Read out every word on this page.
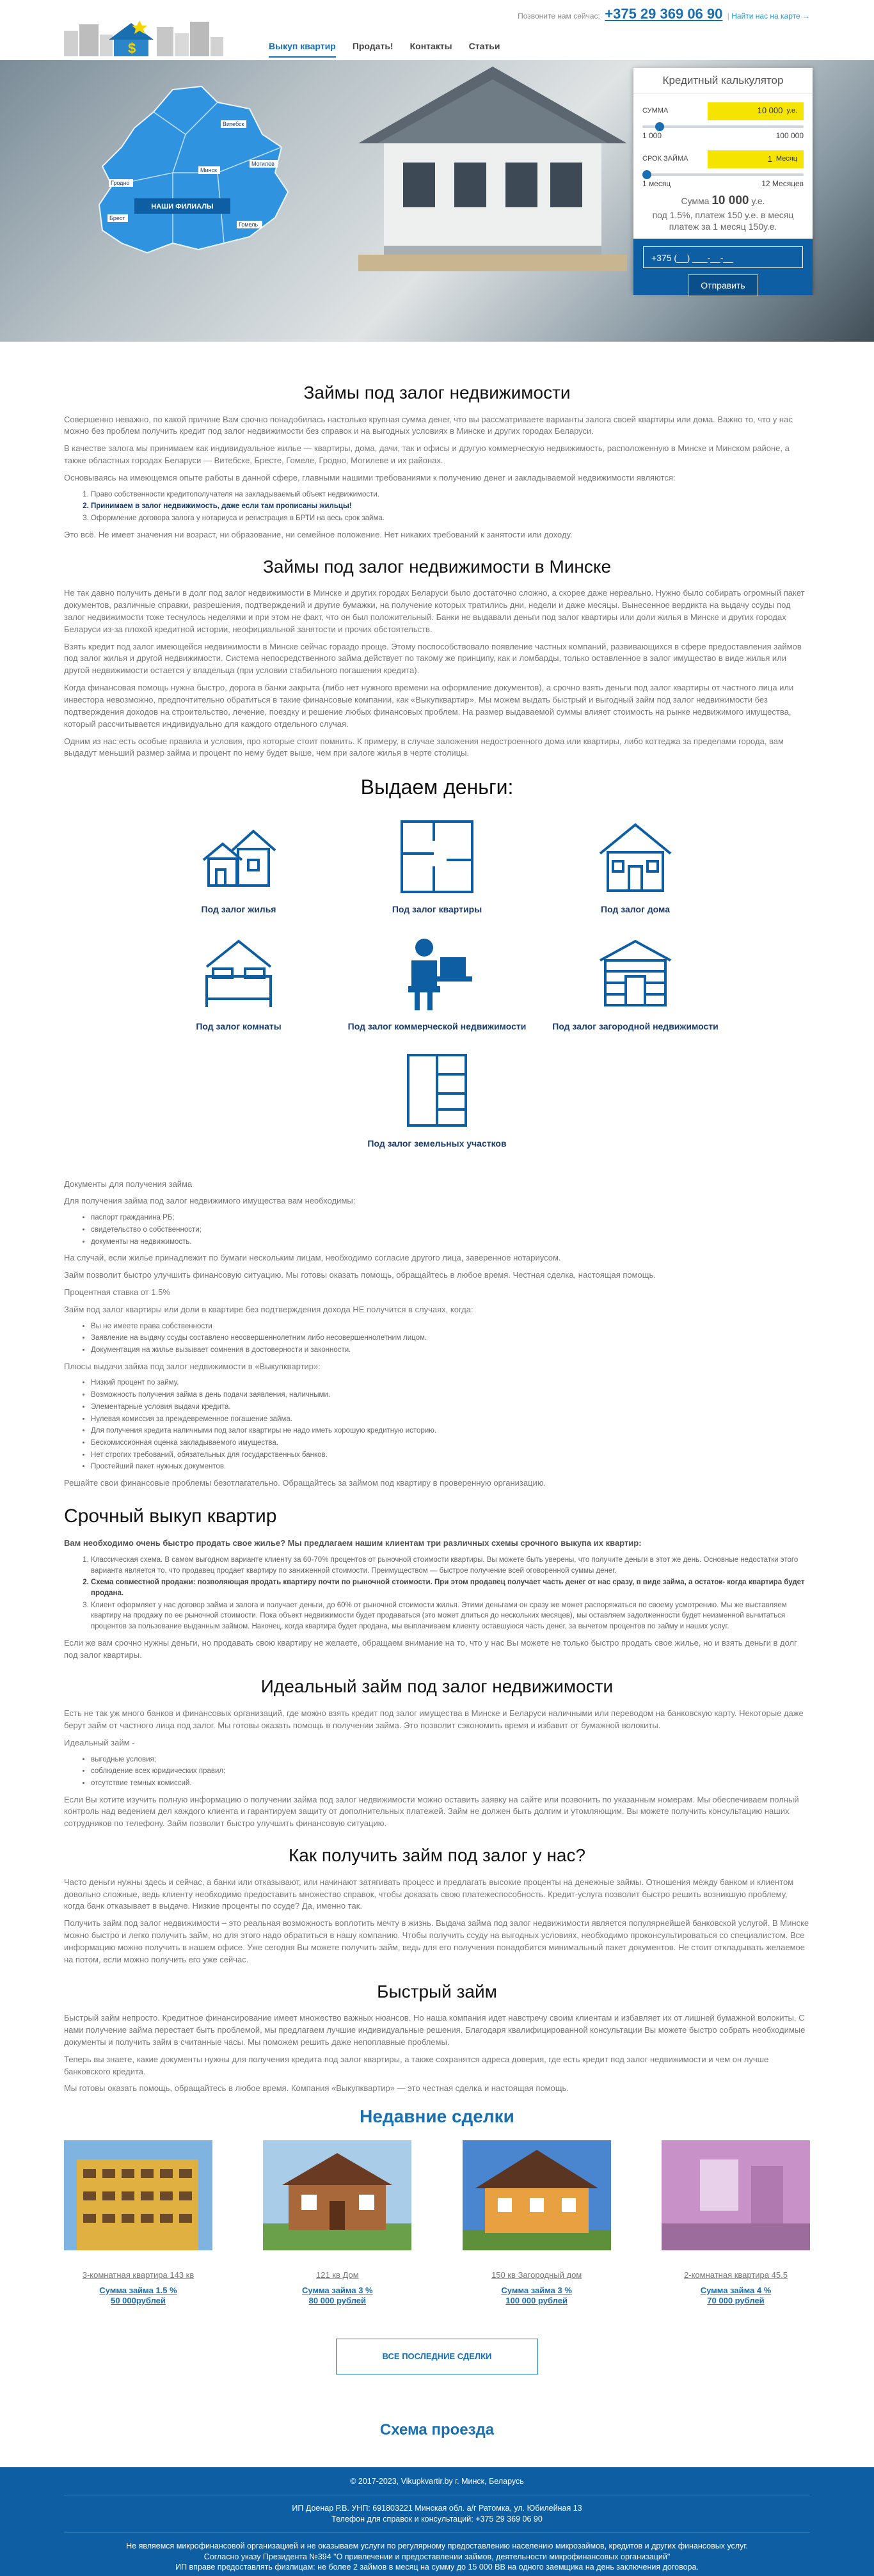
$
Позвоните нам сейчас: +375 29 369 06 90 | Найти нас на карте →
Выкуп квартир Продать! Контакты Статьи
Витебск
Минск
Брест
Гродно
Могилев
Гомель
НАШИ ФИЛИАЛЫ
Кредитный калькулятор
СУММА	10 000 у.е.
1 000	100 000
СРОК ЗАЙМА	1 Месяц
1 месяц	12 Месяцев
Сумма 10 000 у.е.
под 1.5%, платеж 150 у.е. в месяц
платеж за 1 месяц 150у.е.
+375 (__) ___-__-__
Отправить
Займы под залог недвижимости

Совершенно неважно, по какой причине Вам срочно понадобилась настолько крупная сумма денег, что вы рассматриваете варианты залога своей квартиры или дома. Важно то, что у нас можно без проблем получить кредит под залог недвижимости без справок и на выгодных условиях в Минске и других городах Беларуси.

В качестве залога мы принимаем как индивидуальное жилье — квартиры, дома, дачи, так и офисы и другую коммерческую недвижимость, расположенную в Минске и Минском районе, а также областных городах Беларуси — Витебске, Бресте, Гомеле, Гродно, Могилеве и их районах.

Основываясь на имеющемся опыте работы в данной сфере, главными нашими требованиями к получению денег и закладываемой недвижимости являются:

1. Право собственности кредитополучателя на закладываемый объект недвижимости.
2. Принимаем в залог недвижимость, даже если там прописаны жильцы!
3. Оформление договора залога у нотариуса и регистрация в БРТИ на весь срок займа.

Это всё. Не имеет значения ни возраст, ни образование, ни семейное положение. Нет никаких требований к занятости или доходу.

Займы под залог недвижимости в Минске

Не так давно получить деньги в долг под залог недвижимости в Минске и других городах Беларуси было достаточно сложно, а скорее даже нереально. Нужно было собирать огромный пакет документов, различные справки, разрешения, подтверждений и другие бумажки, на получение которых тратились дни, недели и даже месяцы. Вынесенное вердикта на выдачу ссуды под залог недвижимости тоже теснулось неделями и при этом не факт, что он был положительный. Банки не выдавали деньги под залог квартиры или доли жилья в Минске и других городах Беларуси из-за плохой кредитной истории, неофициальной занятости и прочих обстоятельств.

Взять кредит под залог имеющейся недвижимости в Минске сейчас гораздо проще. Этому поспособствовало появление частных компаний, развивающихся в сфере предоставления займов под залог жилья и другой недвижимости. Система непосредственного займа действует по такому же принципу, как и ломбарды, только оставленное в залог имущество в виде жилья или другой недвижимости остается у владельца (при условии стабильного погашения кредита).

Когда финансовая помощь нужна быстро, дорога в банки закрыта (либо нет нужного времени на оформление документов), а срочно взять деньги под залог квартиры от частного лица или инвестора невозможно, предпочтительно обратиться в такие финансовые компании, как «Выкупквартир». Мы можем выдать быстрый и выгодный займ под залог недвижимости без подтверждения доходов на строительство, лечение, поездку и решение любых финансовых проблем. На размер выдаваемой суммы влияет стоимость на рынке недвижимого имущества, который рассчитывается индивидуально для каждого отдельного случая.

Одним из нас есть особые правила и условия, про которые стоит помнить. К примеру, в случае заложения недостроенного дома или квартиры, либо коттеджа за пределами города, вам выдадут меньший размер займа и процент по нему будет выше, чем при залоге жилья в черте столицы.

Выдаем деньги:
Под залог жилья	Под залог квартиры	Под залог дома
Под залог комнаты	Под залог коммерческой недвижимости	Под залог загородной недвижимости
Под залог земельных участков

Документы для получения займа

Для получения займа под залог недвижимого имущества вам необходимы:

• паспорт гражданина РБ;
• свидетельство о собственности;
• документы на недвижимость.

На случай, если жилье принадлежит по бумаги нескольким лицам, необходимо согласие другого лица, заверенное нотариусом.

Займ позволит быстро улучшить финансовую ситуацию. Мы готовы оказать помощь, обращайтесь в любое время. Честная сделка, настоящая помощь.

Процентная ставка от 1.5%

Займ под залог квартиры или доли в квартире без подтверждения дохода НЕ получится в случаях, когда:

• Вы не имеете права собственности
• Заявление на выдачу ссуды составлено несовершеннолетним либо несовершеннолетним лицом.
• Документация на жилье вызывает сомнения в достоверности и законности.

Плюсы выдачи займа под залог недвижимости в «Выкупквартир»:

• Низкий процент по займу.
• Возможность получения займа в день подачи заявления, наличными.
• Элементарные условия выдачи кредита.
• Нулевая комиссия за преждевременное погашение займа.
• Для получения кредита наличными под залог квартиры не надо иметь хорошую кредитную историю.
• Бескомиссионная оценка закладываемого имущества.
• Нет строгих требований, обязательных для государственных банков.
• Простейший пакет нужных документов.

Решайте свои финансовые проблемы безотлагательно. Обращайтесь за займом под квартиру в проверенную организацию.

Срочный выкуп квартир

Вам необходимо очень быстро продать свое жилье? Мы предлагаем нашим клиентам три различных схемы срочного выкупа их квартир:

1. Классическая схема. В самом выгодном варианте клиенту за 60-70% процентов от рыночной стоимости квартиры. Вы можете быть уверены, что получите деньги в этот же день. Основные недостатки этого варианта является то, что продавец продает квартиру по заниженной стоимости. Преимуществом — быстрое получение всей оговоренной суммы денег.
2. Схема совместной продажи: позволяющая продать квартиру почти по рыночной стоимости. При этом продавец получает часть денег от нас сразу, в виде займа, а остаток- когда квартира будет продана.
3. Клиент оформляет у нас договор займа и залога и получает деньги, до 60% от рыночной стоимости жилья. Этими деньгами он сразу же может распоряжаться по своему усмотрению. Мы же выставляем квартиру на продажу по ее рыночной стоимости. Пока объект недвижимости будет продаваться (это может длиться до нескольких месяцев), мы оставляем задолженности будет неизменной вычитаться процентов за пользование выданным займом. Наконец, когда квартира будет продана, мы выплачиваем клиенту оставшуюся часть денег, за вычетом процентов по займу и наших услуг.

Если же вам срочно нужны деньги, но продавать свою квартиру не желаете, обращаем внимание на то, что у нас Вы можете не только быстро продать свое жилье, но и взять деньги в долг под залог квартиры.

Идеальный займ под залог недвижимости

Есть не так уж много банков и финансовых организаций, где можно взять кредит под залог имущества в Минске и Беларуси наличными или переводом на банковскую карту. Некоторые даже берут займ от частного лица под залог. Мы готовы оказать помощь в получении займа. Это позволит сэкономить время и избавит от бумажной волокиты.

Идеальный займ -

• выгодные условия;
• соблюдение всех юридических правил;
• отсутствие темных комиссий.

Если Вы хотите изучить полную информацию о получении займа под залог недвижимости можно оставить заявку на сайте или позвонить по указанным номерам. Мы обеспечиваем полный контроль над ведением дел каждого клиента и гарантируем защиту от дополнительных платежей. Займ не должен быть долгим и утомляющим. Вы можете получить консультацию наших сотрудников по телефону. Займ позволит быстро улучшить финансовую ситуацию.

Как получить займ под залог у нас?

Часто деньги нужны здесь и сейчас, а банки или отказывают, или начинают затягивать процесс и предлагать высокие проценты на денежные займы. Отношения между банком и клиентом довольно сложные, ведь клиенту необходимо предоставить множество справок, чтобы доказать свою платежеспособность. Кредит-услуга позволит быстро решить возникшую проблему, когда банк отказывает в выдаче. Низкие проценты по ссуде? Да, именно так.

Получить займ под залог недвижимости – это реальная возможность воплотить мечту в жизнь. Выдача займа под залог недвижимости является популярнейшей банковской услугой. В Минске можно быстро и легко получить займ, но для этого надо обратиться в нашу компанию. Чтобы получить ссуду на выгодных условиях, необходимо проконсультироваться со специалистом. Все информацию можно получить в нашем офисе. Уже сегодня Вы можете получить займ, ведь для его получения понадобится минимальный пакет документов. Не стоит откладывать желаемое на потом, если можно получить его уже сейчас.

Быстрый займ

Быстрый займ непросто. Кредитное финансирование имеет множество важных нюансов. Но наша компания идет навстречу своим клиентам и избавляет их от лишней бумажной волокиты. С нами получение займа перестает быть проблемой, мы предлагаем лучшие индивидуальные решения. Благодаря квалифицированной консультации Вы можете быстро собрать необходимые документы и получить займ в считанные часы. Мы поможем решить даже непоплавные проблемы.

Теперь вы знаете, какие документы нужны для получения кредита под залог квартиры, а также сохранятся адреса доверия, где есть кредит под залог недвижимости и чем он лучше банковского кредита.

Мы готовы оказать помощь, обращайтесь в любое время. Компания «Выкупквартир» — это честная сделка и настоящая помощь.

Недавние сделки
3-комнатная квартира 143 кв
Сумма займа 1.5 %
50 000рублей
121 кв Дом
Сумма займа 3 %
80 000 рублей
150 кв Загородный дом
Сумма займа 3 %
100 000 рублей
2-комнатная квартира 45.5
Сумма займа 4 %
70 000 рублей
ВСЕ ПОСЛЕДНИЕ СДЕЛКИ
Схема проезда
© 2017-2023, Vikupkvartir.by г. Минск, Беларусь
ИП Доенар Р.В. УНП: 691803221 Минская обл. а/г Ратомка, ул. Юбилейная 13
Телефон для справок и консультаций: +375 29 369 06 90
Не являемся микрофинансовой организацией и не оказываем услуги по регулярному предоставлению населению микрозаймов, кредитов и других финансовых услуг.
Согласно указу Президента №394 "О привлечении и предоставлении займов, деятельности микрофинансовых организаций"
ИП вправе предоставлять физлицам: не более 2 займов в месяц на сумму до 15 000 BB на одного заемщика на день заключения договора.
